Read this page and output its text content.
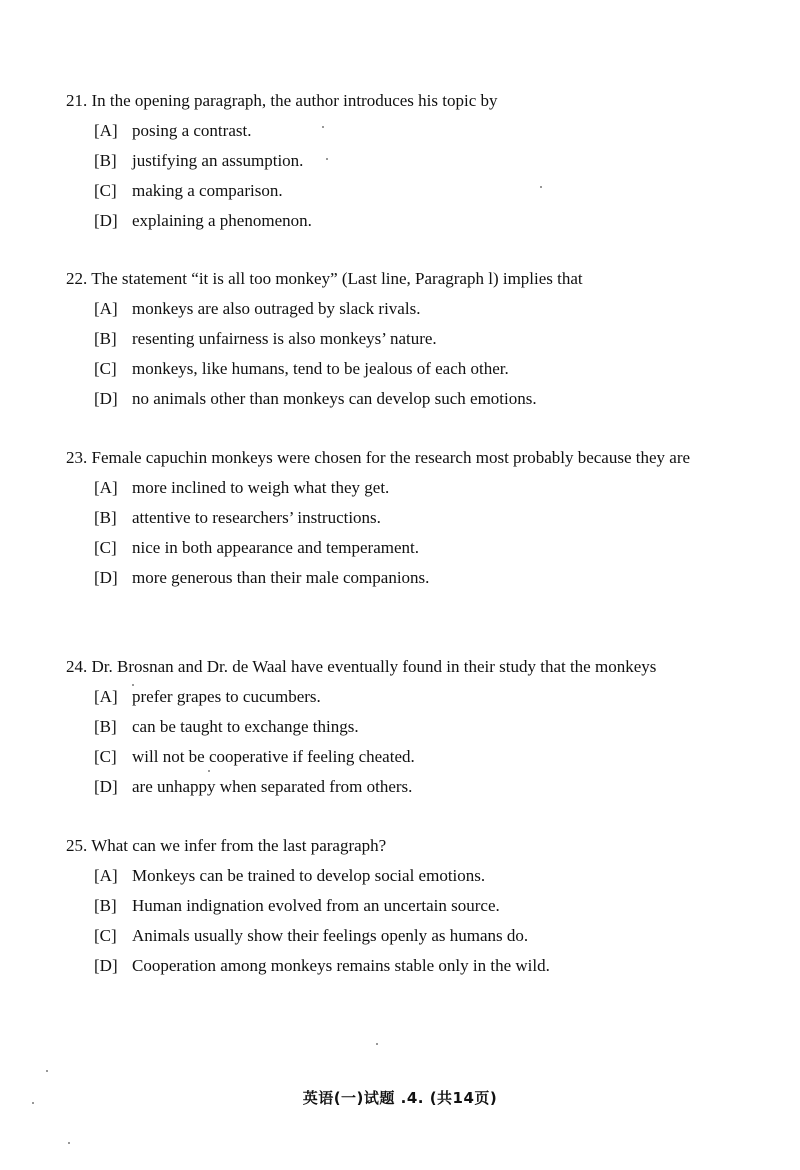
21. In the opening paragraph, the author introduces his topic by

[A] posing a contrast.

[B] justifying an assumption.

[C] making a comparison.

[D] explaining a phenomenon.

22. The statement “it is all too monkey” (Last line, Paragraph l) implies that

[A] monkeys are also outraged by slack rivals.

[B] resenting unfairness is also monkeys’ nature.

[C] monkeys, like humans, tend to be jealous of each other.

[D] no animals other than monkeys can develop such emotions.

23. Female capuchin monkeys were chosen for the research most probably because they are

[A] more inclined to weigh what they get.

[B] attentive to researchers’ instructions.

[C] nice in both appearance and temperament.

[D] more generous than their male companions.

24. Dr. Brosnan and Dr. de Waal have eventually found in their study that the monkeys

[A] prefer grapes to cucumbers.

[B] can be taught to exchange things.

[C] will not be cooperative if feeling cheated.

[D] are unhappy when separated from others.

25. What can we infer from the last paragraph?

[A] Monkeys can be trained to develop social emotions.

[B] Human indignation evolved from an uncertain source.

[C] Animals usually show their feelings openly as humans do.

[D] Cooperation among monkeys remains stable only in the wild.

英语(一)试题 .4. (共14页)
